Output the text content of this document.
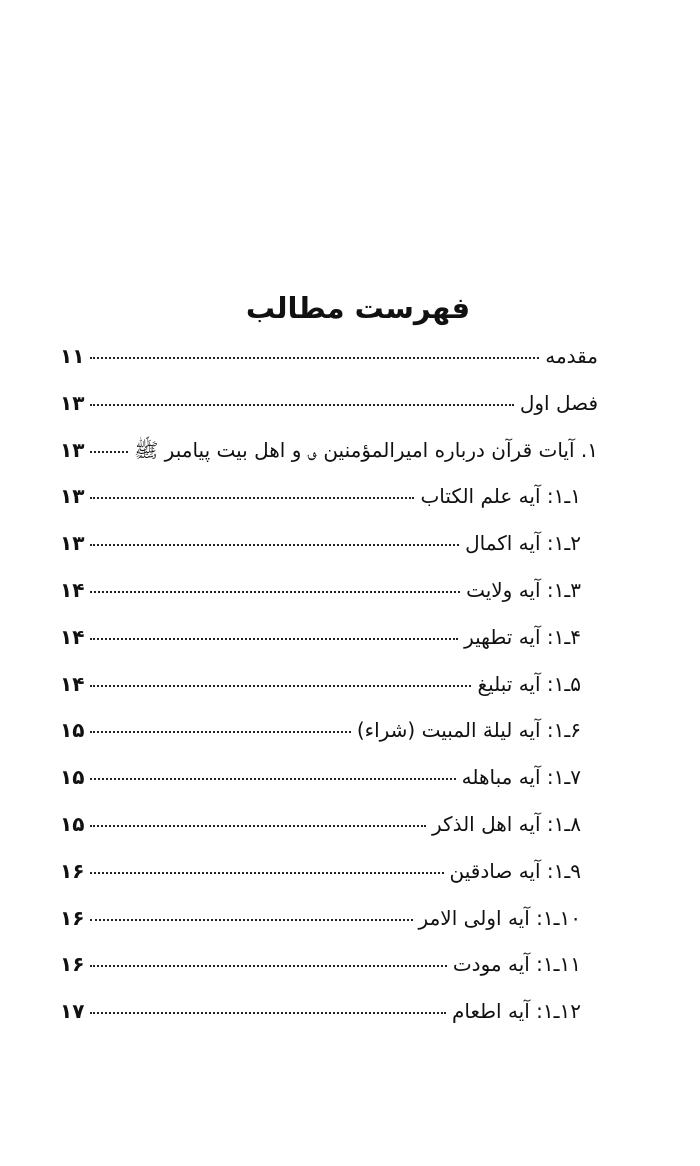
فهرست مطالب
مقدمه
۱۱
فصل اول
۱۳
۱. آیات قرآن درباره امیرالمؤمنین ؈ و اهل بیت پیامبر ﷺ
۱۳
۱ـ۱: آیه علم الکتاب
۱۳
۲ـ۱: آیه اکمال
۱۳
۳ـ۱: آیه ولایت
۱۴
۴ـ۱: آیه تطهیر
۱۴
۵ـ۱: آیه تبلیغ
۱۴
۶ـ۱: آیه لیلة المبیت (شراء)
۱۵
۷ـ۱: آیه مباهله
۱۵
۸ـ۱: آیه اهل الذکر
۱۵
۹ـ۱: آیه صادقین
۱۶
۱۰ـ۱: آیه اولی الامر
۱۶
۱۱ـ۱: آیه مودت
۱۶
۱۲ـ۱: آیه اطعام
۱۷
